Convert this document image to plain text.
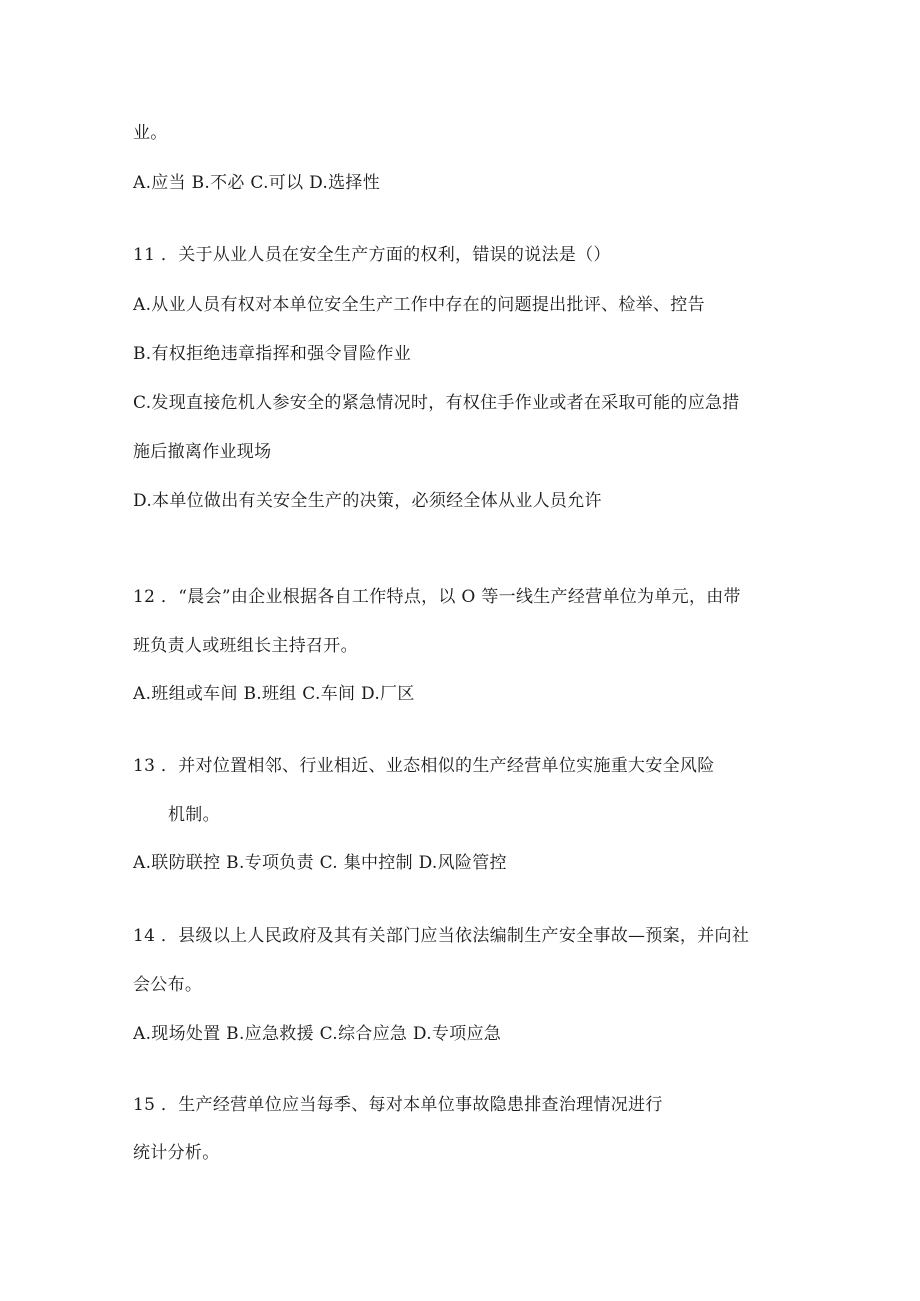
业。
A.应当 B.不必 C.可以 D.选择性
11 ．关于从业人员在安全生产方面的权利，错误的说法是（）
A.从业人员有权对本单位安全生产工作中存在的问题提出批评、检举、控告
B.有权拒绝违章指挥和强令冒险作业
C.发现直接危机人参安全的紧急情况时，有权住手作业或者在采取可能的应急措
施后撤离作业现场
D.本单位做出有关安全生产的决策，必须经全体从业人员允许
12 ．“晨会”由企业根据各自工作特点，以 O 等一线生产经营单位为单元，由带
班负责人或班组长主持召开。
A.班组或车间 B.班组 C.车间 D.厂区
13 ．并对位置相邻、行业相近、业态相似的生产经营单位实施重大安全风险
机制。
A.联防联控 B.专项负责 C. 集中控制 D.风险管控
14 ．县级以上人民政府及其有关部门应当依法编制生产安全事故—预案，并向社
会公布。
A.现场处置 B.应急救援 C.综合应急 D.专项应急
15 ．生产经营单位应当每季、每对本单位事故隐患排查治理情况进行
统计分析。
